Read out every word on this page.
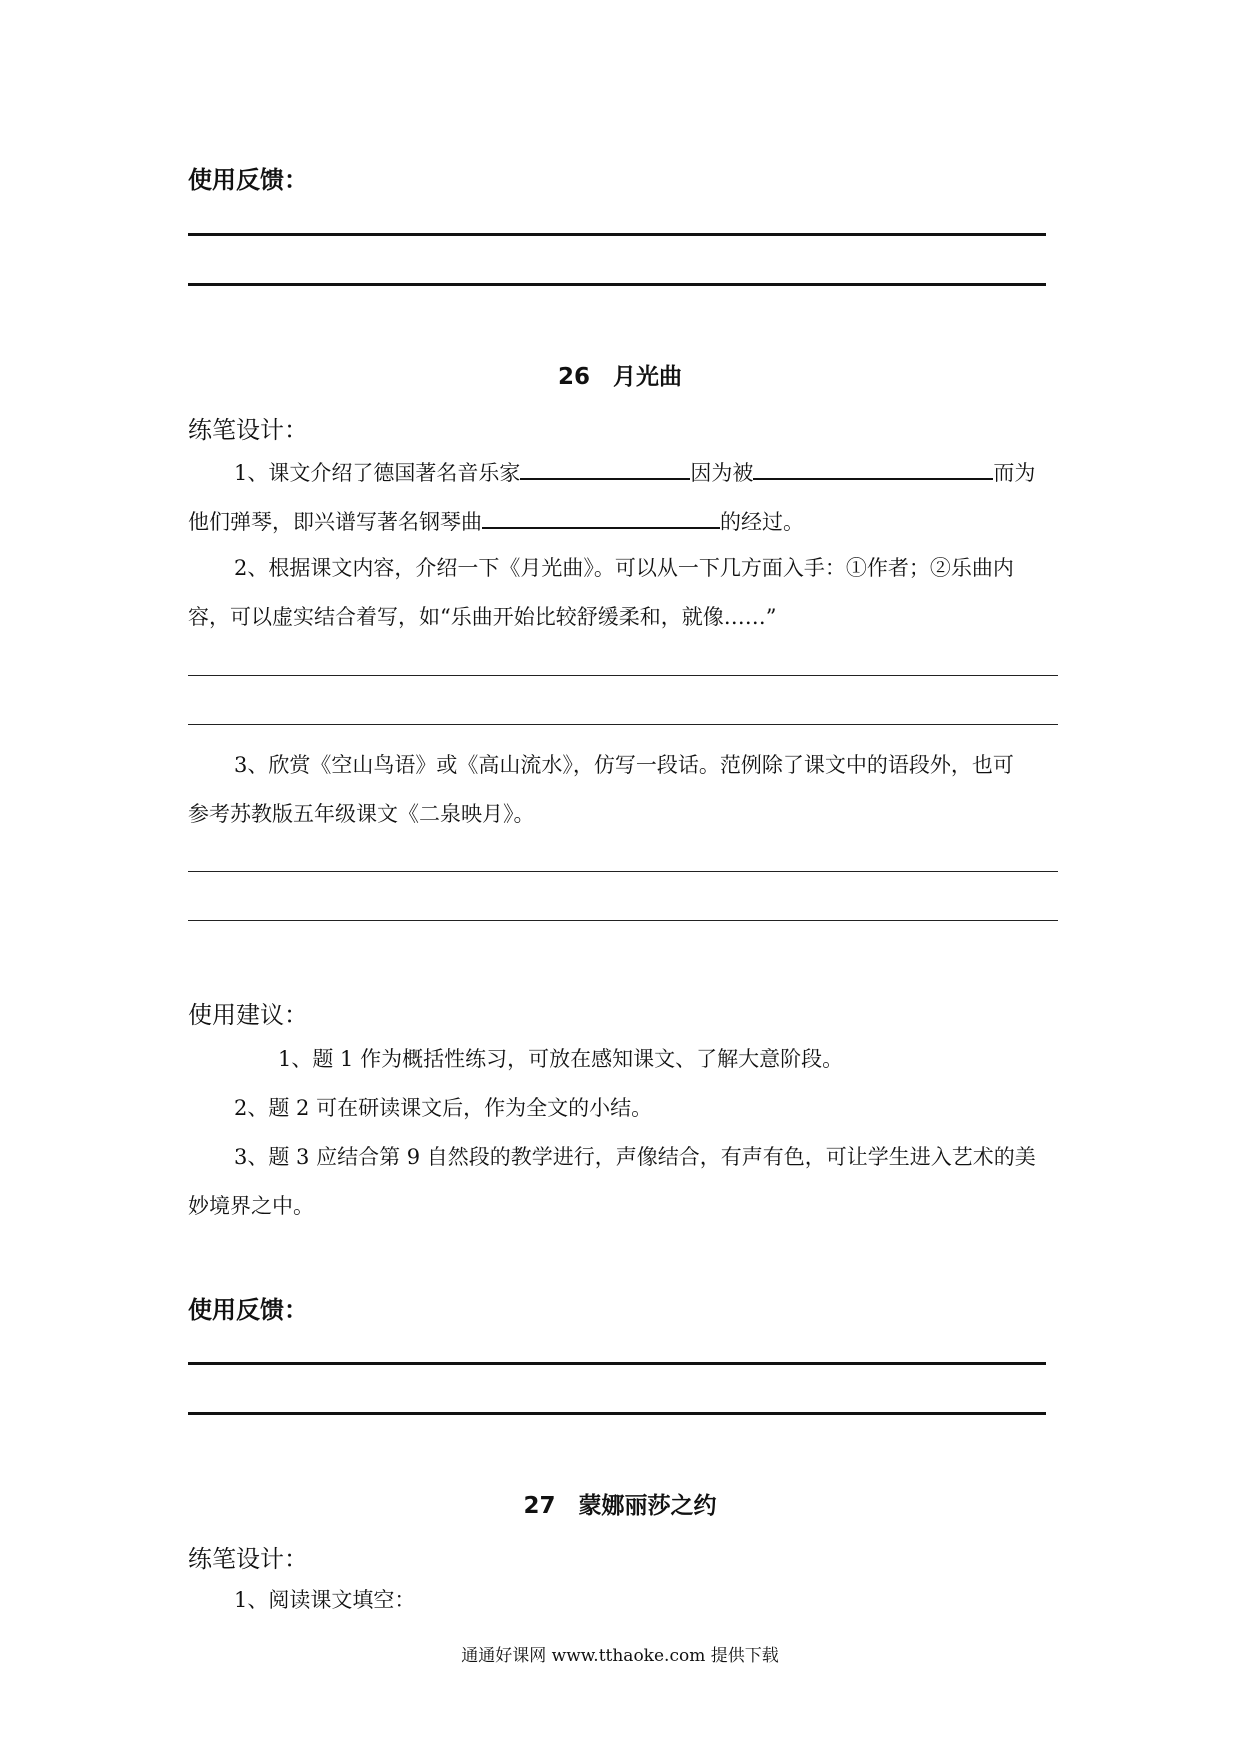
使用反馈：
26　月光曲
练笔设计：
1、课文介绍了德国著名音乐家	因为被	而为
他们弹琴，即兴谱写著名钢琴曲	的经过。
2、根据课文内容，介绍一下《月光曲》。可以从一下几方面入手：①作者；②乐曲内
容，可以虚实结合着写，如“乐曲开始比较舒缓柔和，就像……”
3、欣赏《空山鸟语》或《高山流水》，仿写一段话。范例除了课文中的语段外，也可
参考苏教版五年级课文《二泉映月》。
使用建议：
1、题 1 作为概括性练习，可放在感知课文、了解大意阶段。
2、题 2 可在研读课文后，作为全文的小结。
3、题 3 应结合第 9 自然段的教学进行，声像结合，有声有色，可让学生进入艺术的美
妙境界之中。
使用反馈：
27　蒙娜丽莎之约
练笔设计：
1、阅读课文填空：
通通好课网 www.tthaoke.com 提供下载
